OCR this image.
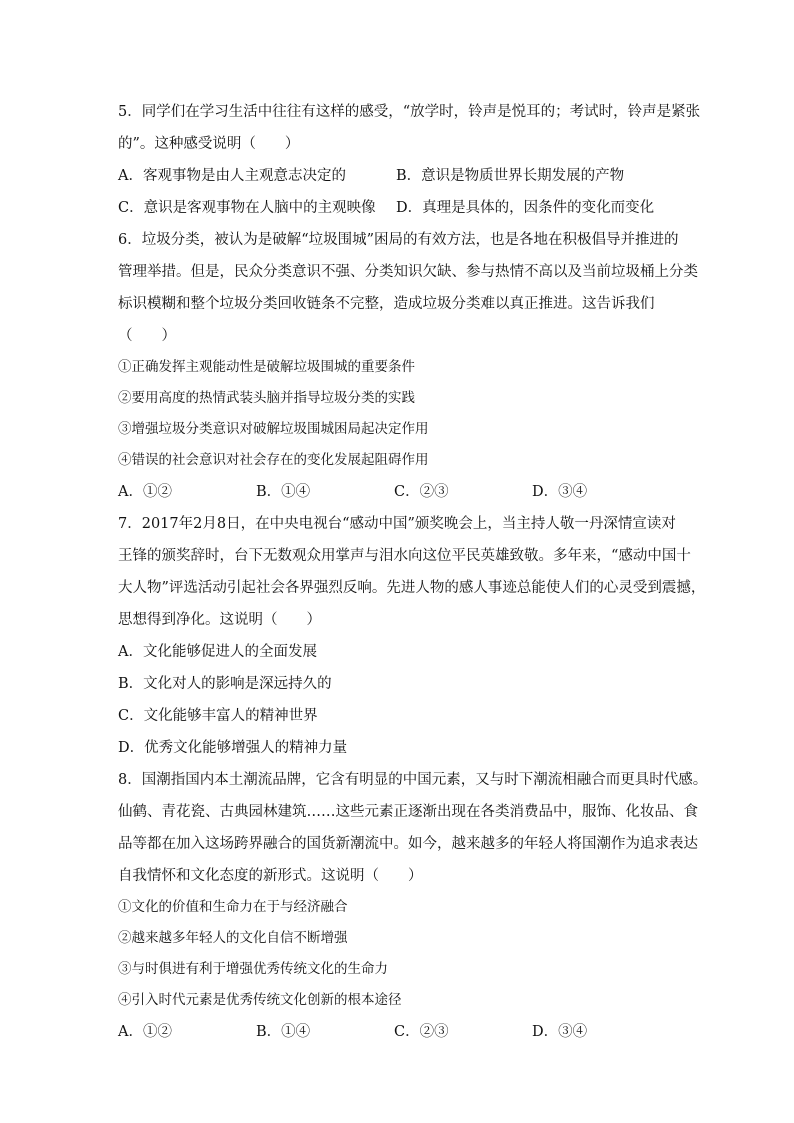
5．同学们在学习生活中往往有这样的感受，“放学时，铃声是悦耳的；考试时，铃声是紧张

的”。这种感受说明（　　）

A．客观事物是由人主观意志决定的	B．意识是物质世界长期发展的产物
C．意识是客观事物在人脑中的主观映像	D．真理是具体的，因条件的变化而变化

6．垃圾分类，被认为是破解“垃圾围城”困局的有效方法，也是各地在积极倡导并推进的

管理举措。但是，民众分类意识不强、分类知识欠缺、参与热情不高以及当前垃圾桶上分类

标识模糊和整个垃圾分类回收链条不完整，造成垃圾分类难以真正推进。这告诉我们

（　　）

①正确发挥主观能动性是破解垃圾围城的重要条件

②要用高度的热情武装头脑并指导垃圾分类的实践

③增强垃圾分类意识对破解垃圾围城困局起决定作用

④错误的社会意识对社会存在的变化发展起阻碍作用

A．①②	B．①④	C．②③	D．③④

7．2017年2月8日，在中央电视台“感动中国”颁奖晚会上，当主持人敬一丹深情宣读对

王锋的颁奖辞时，台下无数观众用掌声与泪水向这位平民英雄致敬。多年来，“感动中国十

大人物”评选活动引起社会各界强烈反响。先进人物的感人事迹总能使人们的心灵受到震撼，

思想得到净化。这说明（　　）

A．文化能够促进人的全面发展

B．文化对人的影响是深远持久的

C．文化能够丰富人的精神世界

D．优秀文化能够增强人的精神力量

8．国潮指国内本土潮流品牌，它含有明显的中国元素，又与时下潮流相融合而更具时代感。

仙鹤、青花瓷、古典园林建筑……这些元素正逐渐出现在各类消费品中，服饰、化妆品、食

品等都在加入这场跨界融合的国货新潮流中。如今，越来越多的年轻人将国潮作为追求表达

自我情怀和文化态度的新形式。这说明（　　）

①文化的价值和生命力在于与经济融合

②越来越多年轻人的文化自信不断增强

③与时俱进有利于增强优秀传统文化的生命力

④引入时代元素是优秀传统文化创新的根本途径

A．①②	B．①④	C．②③	D．③④
